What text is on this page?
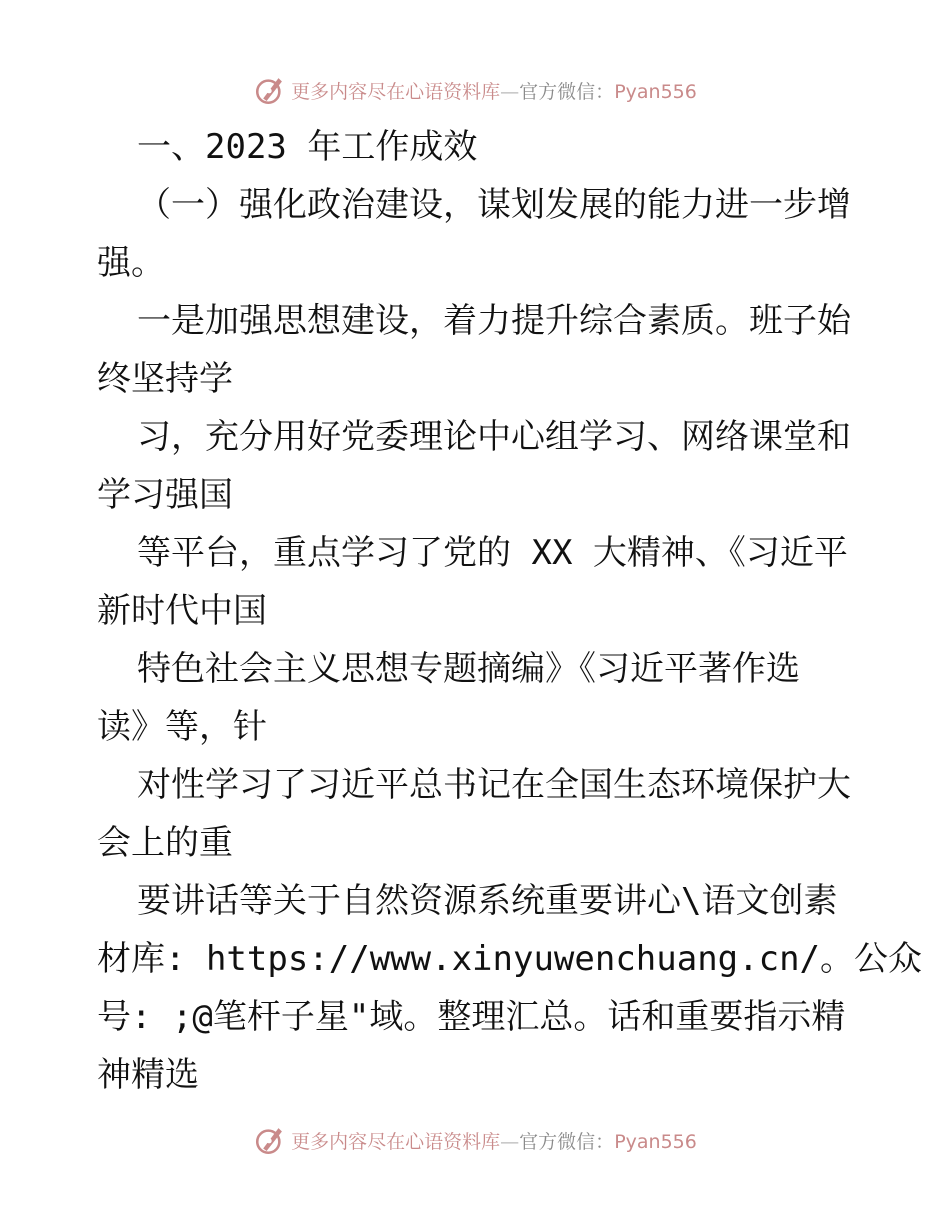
更多内容尽在心语资料库—官方微信：Pyan556
一、2023 年工作成效
（一）强化政治建设，谋划发展的能力进一步增
强。
一是加强思想建设，着力提升综合素质。班子始
终坚持学
习，充分用好党委理论中心组学习、网络课堂和
学习强国
等平台，重点学习了党的 XX 大精神、《习近平
新时代中国
特色社会主义思想专题摘编》《习近平著作选
读》等，针
对性学习了习近平总书记在全国生态环境保护大
会上的重
要讲话等关于自然资源系统重要讲心\语文创素
材库: https://www.xinyuwenchuang.cn/。公众
号: ;@笔杆子星"域。整理汇总。话和重要指示精
神精选
更多内容尽在心语资料库—官方微信：Pyan556
